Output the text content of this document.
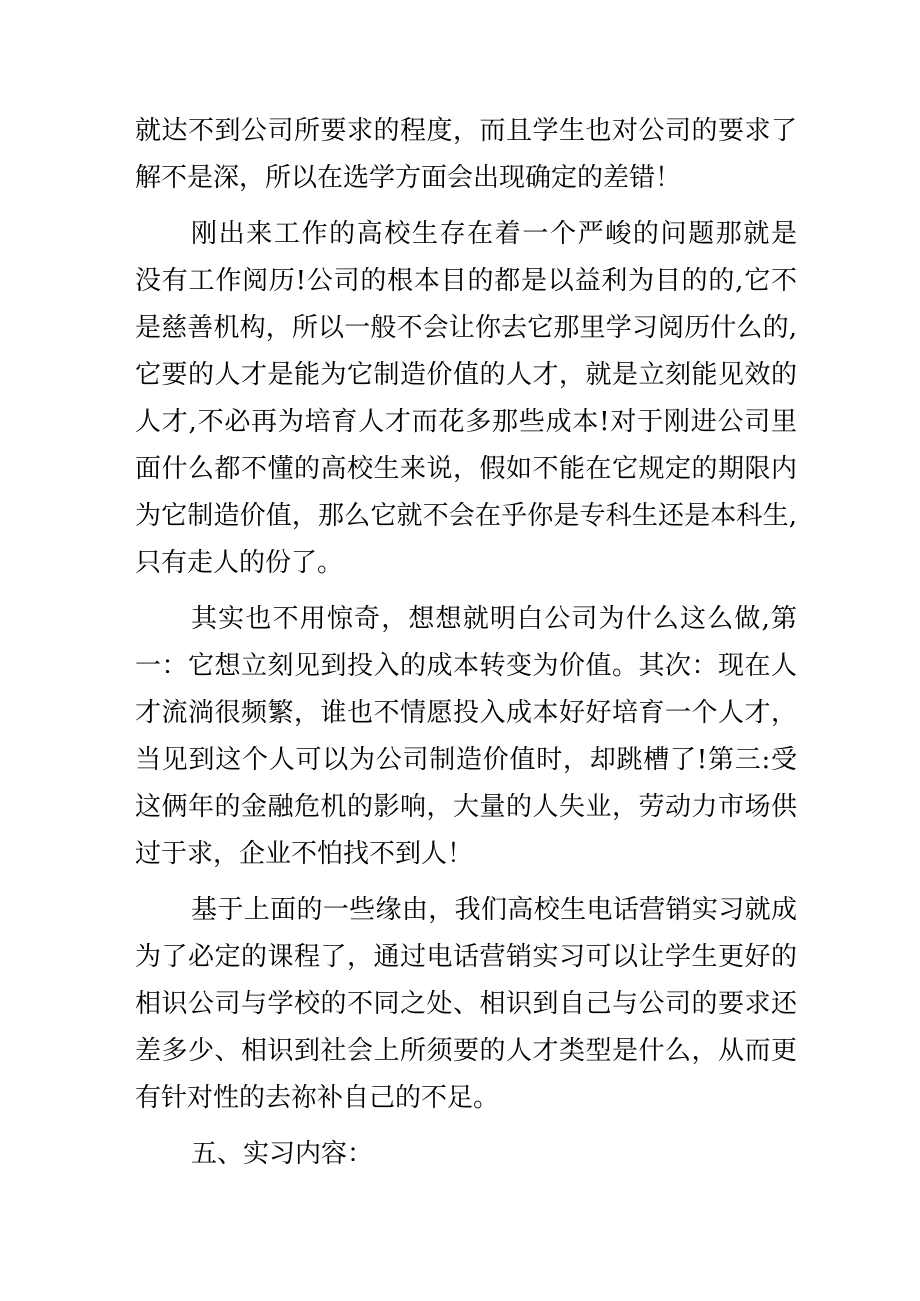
就达不到公司所要求的程度，而且学生也对公司的要求了
解不是深，所以在选学方面会出现确定的差错！
刚出来工作的高校生存在着一个严峻的问题那就是
没有工作阅历!公司的根本目的都是以益利为目的的,它不
是慈善机构，所以一般不会让你去它那里学习阅历什么的,
它要的人才是能为它制造价值的人才，就是立刻能见效的
人才,不必再为培育人才而花多那些成本!对于刚进公司里
面什么都不懂的高校生来说，假如不能在它规定的期限内
为它制造价值，那么它就不会在乎你是专科生还是本科生,
只有走人的份了。
其实也不用惊奇，想想就明白公司为什么这么做,第
一：它想立刻见到投入的成本转变为价值。其次：现在人
才流淌很频繁，谁也不情愿投入成本好好培育一个人才，
当见到这个人可以为公司制造价值时，却跳槽了!第三:受
这俩年的金融危机的影响，大量的人失业，劳动力市场供
过于求，企业不怕找不到人！
基于上面的一些缘由，我们高校生电话营销实习就成
为了必定的课程了，通过电话营销实习可以让学生更好的
相识公司与学校的不同之处、相识到自己与公司的要求还
差多少、相识到社会上所须要的人才类型是什么，从而更
有针对性的去祢补自己的不足。
五、实习内容：
